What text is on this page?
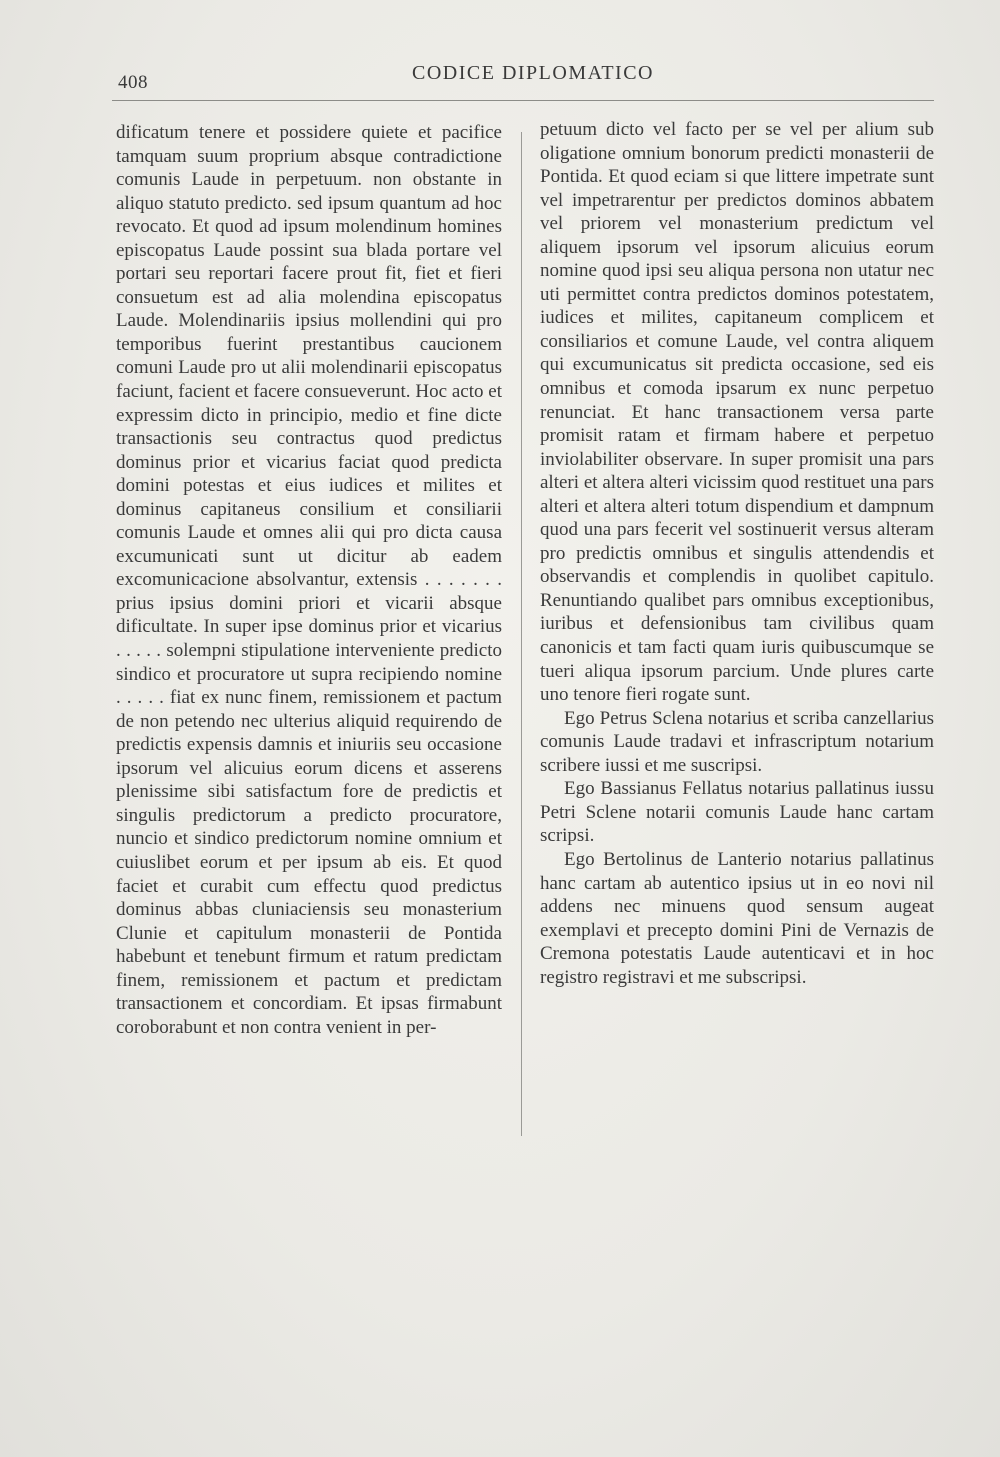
408	CODICE DIPLOMATICO

dificatum tenere et possidere quiete et pacifice tamquam suum proprium absque contradictione comunis Laude in perpetuum. non obstante in aliquo statuto predicto. sed ipsum quantum ad hoc revocato. Et quod ad ipsum molendinum homines episcopatus Laude possint sua blada portare vel portari seu reportari facere prout fit, fiet et fieri consuetum est ad alia molendina episcopatus Laude. Molendinariis ipsius mollendini qui pro temporibus fuerint prestantibus caucionem comuni Laude pro ut alii molendinarii episcopatus faciunt, facient et facere consueverunt. Hoc acto et expressim dicto in principio, medio et fine dicte transactionis seu contractus quod predictus dominus prior et vicarius faciat quod predicta domini potestas et eius iudices et milites et dominus capitaneus consilium et consiliarii comunis Laude et omnes alii qui pro dicta causa excumunicati sunt ut dicitur ab eadem excomunicacione absolvantur, extensis . . . . . . . prius ipsius domini priori et vicarii absque dificultate. In super ipse dominus prior et vicarius . . . . . solempni stipulatione interveniente predicto sindico et procuratore ut supra recipiendo nomine . . . . . fiat ex nunc finem, remissionem et pactum de non petendo nec ulterius aliquid requirendo de predictis expensis damnis et iniuriis seu occasione ipsorum vel alicuius eorum dicens et asserens plenissime sibi satisfactum fore de predictis et singulis predictorum a predicto procuratore, nuncio et sindico predictorum nomine omnium et cuiuslibet eorum et per ipsum ab eis. Et quod faciet et curabit cum effectu quod predictus dominus abbas cluniaciensis seu monasterium Clunie et capitulum monasterii de Pontida habebunt et tenebunt firmum et ratum predictam finem, remissionem et pactum et predictam transactionem et concordiam. Et ipsas firmabunt coroborabunt et non contra venient in per-

petuum dicto vel facto per se vel per alium sub oligatione omnium bonorum predicti monasterii de Pontida. Et quod eciam si que littere impetrate sunt vel impetrarentur per predictos dominos abbatem vel priorem vel monasterium predictum vel aliquem ipsorum vel ipsorum alicuius eorum nomine quod ipsi seu aliqua persona non utatur nec uti permittet contra predictos dominos potestatem, iudices et milites, capitaneum complicem et consiliarios et comune Laude, vel contra aliquem qui excumunicatus sit predicta occasione, sed eis omnibus et comoda ipsarum ex nunc perpetuo renunciat. Et hanc transactionem versa parte promisit ratam et firmam habere et perpetuo inviolabiliter observare. In super promisit una pars alteri et altera alteri vicissim quod restituet una pars alteri et altera alteri totum dispendium et dampnum quod una pars fecerit vel sostinuerit versus alteram pro predictis omnibus et singulis attendendis et observandis et complendis in quolibet capitulo. Renuntiando qualibet pars omnibus exceptionibus, iuribus et defensionibus tam civilibus quam canonicis et tam facti quam iuris quibuscumque se tueri aliqua ipsorum parcium. Unde plures carte uno tenore fieri rogate sunt.

Ego Petrus Sclena notarius et scriba canzellarius comunis Laude tradavi et infrascriptum notarium scribere iussi et me suscripsi.

Ego Bassianus Fellatus notarius pallatinus iussu Petri Sclene notarii comunis Laude hanc cartam scripsi.

Ego Bertolinus de Lanterio notarius pallatinus hanc cartam ab autentico ipsius ut in eo novi nil addens nec minuens quod sensum augeat exemplavi et precepto domini Pini de Vernazis de Cremona potestatis Laude autenticavi et in hoc registro registravi et me subscripsi.
